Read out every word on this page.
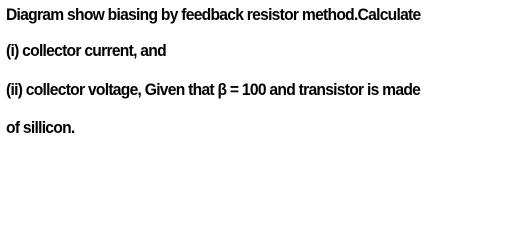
Diagram show biasing by feedback resistor method.Calculate
(i) collector current, and
(ii) collector voltage, Given that β = 100 and transistor is made
of sillicon.
